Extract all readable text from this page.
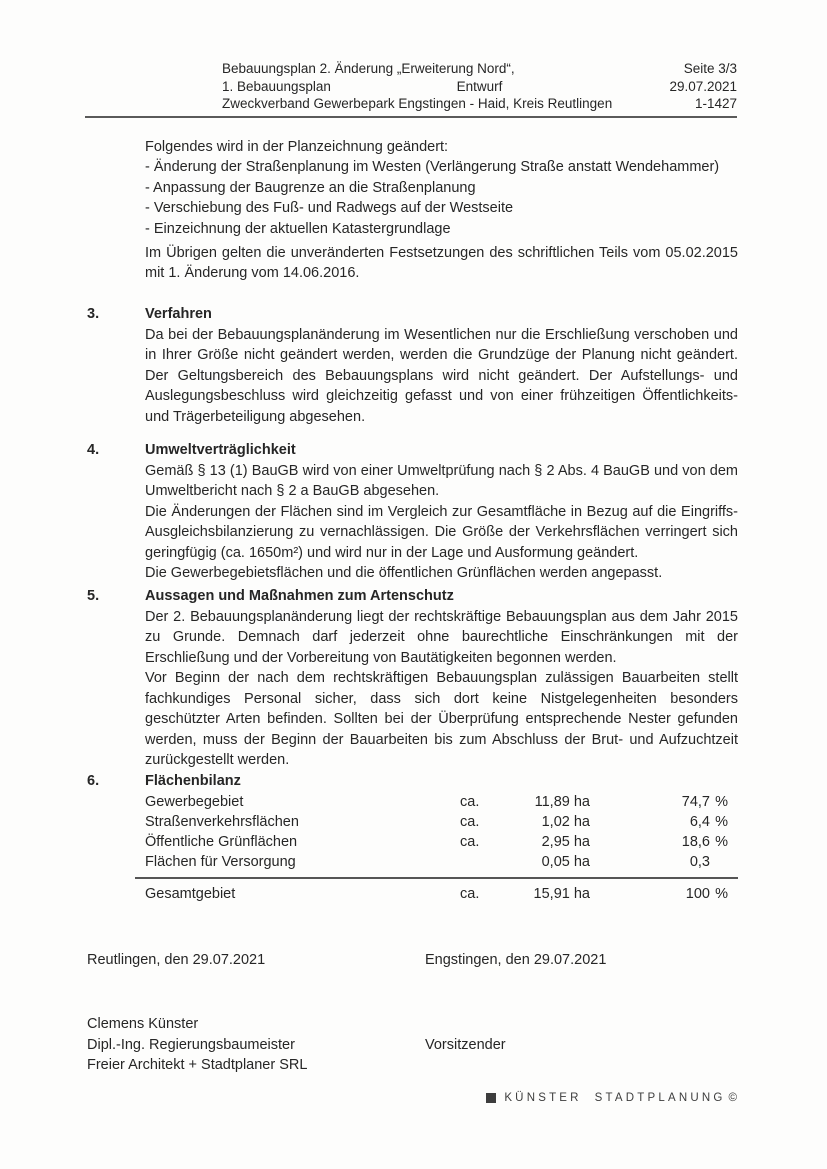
Bebauungsplan 2. Änderung „Erweiterung Nord“,	Seite 3/3
1. Bebauungsplan	Entwurf	29.07.2021
Zweckverband Gewerbepark Engstingen - Haid, Kreis Reutlingen	1-1427
Folgendes wird in der Planzeichnung geändert:
- Änderung der Straßenplanung im Westen (Verlängerung Straße anstatt Wendehammer)
- Anpassung der Baugrenze an die Straßenplanung
- Verschiebung des Fuß- und Radwegs auf der Westseite
- Einzeichnung der aktuellen Katastergrundlage
Im Übrigen gelten die unveränderten Festsetzungen des schriftlichen Teils vom 05.02.2015 mit 1. Änderung vom 14.06.2016.
3.	Verfahren

Da bei der Bebauungsplanänderung im Wesentlichen nur die Erschließung verschoben und in Ihrer Größe nicht geändert werden, werden die Grundzüge der Planung nicht geändert. Der Geltungsbereich des Bebauungsplans wird nicht geändert. Der Aufstellungs- und Auslegungsbeschluss wird gleichzeitig gefasst und von einer frühzeitigen Öffentlichkeits- und Trägerbeteiligung abgesehen.

4.	Umweltverträglichkeit

Gemäß § 13 (1) BauGB wird von einer Umweltprüfung nach § 2 Abs. 4 BauGB und von dem Umweltbericht nach § 2 a BauGB abgesehen.

Die Änderungen der Flächen sind im Vergleich zur Gesamtfläche in Bezug auf die Eingriffs- Ausgleichsbilanzierung zu vernachlässigen. Die Größe der Verkehrsflächen verringert sich geringfügig (ca. 1650m²) und wird nur in der Lage und Ausformung geändert.

Die Gewerbegebietsflächen und die öffentlichen Grünflächen werden angepasst.

5.	Aussagen und Maßnahmen zum Artenschutz

Der 2. Bebauungsplanänderung liegt der rechtskräftige Bebauungsplan aus dem Jahr 2015 zu Grunde. Demnach darf jederzeit ohne baurechtliche Einschränkungen mit der Erschließung und der Vorbereitung von Bautätigkeiten begonnen werden.

Vor Beginn der nach dem rechtskräftigen Bebauungsplan zulässigen Bauarbeiten stellt fachkundiges Personal sicher, dass sich dort keine Nistgelegenheiten besonders geschützter Arten befinden. Sollten bei der Überprüfung entsprechende Nester gefunden werden, muss der Beginn der Bauarbeiten bis zum Abschluss der Brut- und Aufzuchtzeit zurückgestellt werden.

6.	Flächenbilanz
Gewerbegebiet	ca.	11,89 ha	74,7 %
Straßenverkehrsflächen	ca.	1,02 ha	6,4 %
Öffentliche Grünflächen	ca.	2,95 ha	18,6 %
Flächen für Versorgung	0,05 ha	0,3
Gesamtgebiet	ca.	15,91 ha	100 %
Reutlingen, den 29.07.2021	Engstingen, den 29.07.2021
Clemens Künster
Dipl.-Ing. Regierungsbaumeister
Freier Architekt + Stadtplaner SRL
Vorsitzender
KÜNSTER STADTPLANUNG ©
